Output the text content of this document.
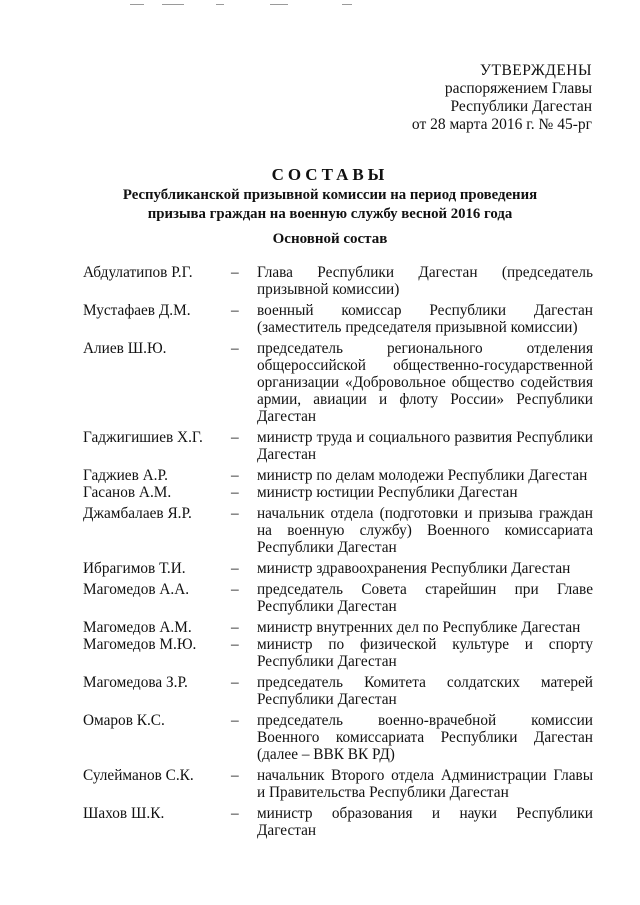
УТВЕРЖДЕНЫ
распоряжением Главы
Республики Дагестан
от 28 марта 2016 г. № 45-рг
СОСТАВЫ
Республиканской призывной комиссии на период проведения
призыва граждан на военную службу весной 2016 года
Основной состав
Абдулатипов Р.Г.	–	Глава Республики Дагестан (председатель призывной комиссии)
Мустафаев Д.М.	–	военный комиссар Республики Дагестан (заместитель председателя призывной комиссии)
Алиев Ш.Ю.	–	председатель регионального отделения общероссийской общественно-государственной организации «Добровольное общество содействия армии, авиации и флоту России» Республики Дагестан
Гаджигишиев Х.Г.	–	министр труда и социального развития Республики Дагестан
Гаджиев А.Р.	–	министр по делам молодежи Республики Дагестан
Гасанов А.М.	–	министр юстиции Республики Дагестан
Джамбалаев Я.Р.	–	начальник отдела (подготовки и призыва граждан на военную службу) Военного комиссариата Республики Дагестан
Ибрагимов Т.И.	–	министр здравоохранения Республики Дагестан
Магомедов А.А.	–	председатель Совета старейшин при Главе Республики Дагестан
Магомедов А.М.	–	министр внутренних дел по Республике Дагестан
Магомедов М.Ю.	–	министр по физической культуре и спорту Республики Дагестан
Магомедова З.Р.	–	председатель Комитета солдатских матерей Республики Дагестан
Омаров К.С.	–	председатель военно-врачебной комиссии Военного комиссариата Республики Дагестан (далее – ВВК ВК РД)
Сулейманов С.К.	–	начальник Второго отдела Администрации Главы и Правительства Республики Дагестан
Шахов Ш.К.	–	министр образования и науки Республики Дагестан
